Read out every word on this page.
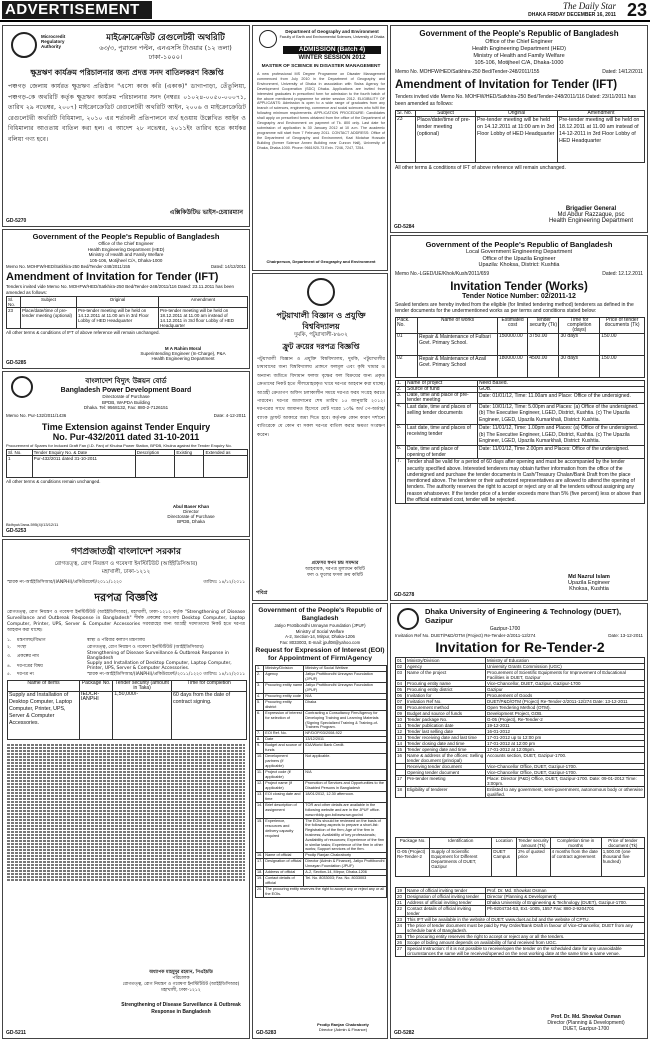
ADVERTISEMENT	The Daily Star
DHAKA FRIDAY DECEMBER 16, 2011 23
Microcredit
Regulatory
Authority
মাইক্রোক্রেডিট রেগুলেটরী অথরিটি
৬৩/৩, পুরাতন পল্টন, এনএসসি টাওয়ার (১২ তলা)
ঢাকা-১০০০।
ক্ষুদ্রঋণ কার্যক্রম পরিচালনার জন্য প্রদত্ত সনদ বাতিলকরণ বিজ্ঞপ্তি
পঞ্চগড় জেলায় কার্যরত ক্ষুদ্রঋণ প্রতিষ্ঠান "এসো কাজ করি (একাক)" ডাগাপাড়া, তেঁতুলিয়া, পঞ্চগড়-কে অথরিটি কর্তৃক ক্ষুদ্রঋণ কার্যক্রম পরিচালনার সনদ (নম্বরঃ ০১০২৪-০০৫০-০০০৭১, তারিখ ২৯ নভেম্বর, ২০০৭) মাইক্রোক্রেডিট রেগুলেটরী অথরিটি আইন, ২০০৬ ও মাইক্রোক্রেডিট রেগুলেটরী অথরিটি বিধিমালা, ২০১০ এর শর্তাবলী প্রতিপালনে ব্যর্থ হওয়ায় উল্লেখিত আইন ও বিধিমালার আওতায় বাতিল করা হল। এ আদেশ ২৮ নভেম্বর, ২০১১ইং তারিখ হতে কার্যকর বলিয়া গণ্য হবে।
এক্সিকিউটিভ ভাইস-চেয়ারম্যান
GD-5270
Department of Geography and Environment
Faculty of Earth and Environmental Sciences, University of Dhaka
ADMISSION (Batch 4)
WINTER SESSION 2012
MASTER OF SCIENCE IN DISASTER MANAGEMENT
A new professional MS Degree Programme on Disaster Management commenced from July 2010 in the Department of Geography and Environment, University of Dhaka in association with Swiss Agency for Development Cooperation (SDC) Dhaka. Applications are invited from interested graduates in prescribed form for admission to the fourth batch of the above mentioned programme for winter session 2012. ELIGIBILITY OF APPLICANTS: Admission is open to a wide range of graduates from any branch of sciences, engineering, commerce and social sciences who fulfil the following minimum requirements. APPLICATION PROCEDURE: Candidates shall apply on prescribed forms obtained from the office of the Department of Geography and Environment on payment of Tk. 800 only. Last date for submission of application is 30 January 2012 at 10 a.m. The academic programme will start from 7 February 2011. CONTACT ADDRESS: Office of the Department of Geography and Environment, Kazi Motahar Hossain Building (former Science Annex Building near Curzon Hall), University of Dhaka, Dhaka-1000. Phone: 9661920-73 Extn. 7246, 7247, 7254.
Chairperson, Department of Geography and Environment
Government of the People's Republic of Bangladesh
Office of the Chief Engineer
Health Engineering Department (HED)
Ministry of Health and Family Welfare
105-106, Motijheel C/A, Dhaka-1000
Memo No. MOHFW/HED/Satkhira-250 Bed/Tender-248/2011/155	Dated: 14/12/2011
Amendment of Invitation for Tender (IFT)
Tenders invited vide Memo No. MOHFW/HED/Satkhira-250 Bed/Tender-248/2011/116 Dated: 23/11/2011 has been amended as follows:
Sl. No.	Subject	Original	Amendment
23	Place/date/time of pre-tender meeting (optional)	Pre-tender meeting will be held on 14.12.2011 at 11:00 am in 3rd Floor Lobby of HED Headquarter	Pre-tender meeting will be held on 18.12.2011 at 11.00 am instead of 14-12-2011 in 3rd Floor Lobby of HED Headquarter
All other terms & conditions of IFT of above reference will remain unchanged.
Brigadier General
Md Abdur Razzaque, psc
Health Engineering Department
GD-5284
Government of the People's Republic of Bangladesh
Office of the Chief Engineer
Health Engineering Department (HED)
Ministry of Health and Family Welfare
105-106, Motijheel C/A, Dhaka-1000
Memo No. MOHFW/HED/Satkhira-250 Bed/Tender-248/2011/155	Dated: 14/12/2011
Amendment of Invitation for Tender (IFT)
Tenders invited vide Memo No. MOHFW/HED/Satkhira-250 Bed/Tender-248/2011/116 Dated: 23.11.2011 has been amended as follows:
Sl. No.	Subject	Original	Amendment
23	Place/date/time of pre-tender meeting (optional)	Pre-tender meeting will be held on 14.12.2011 at 11.00 am in 3rd Floor Lobby of HED Headquarter	Pre-tender meeting will be held on 18.12.2011 at 11.00 am instead of 14.12.2011 in 3rd floor Lobby of HED Headquarter
All other terms & conditions of IFT of above reference will remain unchanged.
M A Rahim Moral
Superintending Engineer (In-Charge), P&A
Health Engineering Department
GD-5285
বাংলাদেশ বিদ্যুৎ উন্নয়ন বোর্ড
Bangladesh Power Development Board
Directorate of Purchase
BPDB, WAPDA Building
Dhaka. Tel: 9568132, Fax: 880-2-7126151
Memo No. Pur-132/2011/1436	Date: 4-12-2011
Time Extension against Tender Enquiry
No. Pur-432/2011 dated 31-10-2011
Procurement of Spares for Induced Draft Fan (I.D. Fan) of Khulna Power Station, BPDB, Khulna against the Tender Enquiry No.
Sl. No.	Tender Enquiry No. & Date	Description	Existing	Extended as
1	Pur-432/2011 dated 31-10-2011			
All other terms & conditions remain unchanged.
Abul Baser Khan
Director
Directorate of Purchase
BPDB, Dhaka
Bidhyut/Jana-595(4)/13/12/11
GD-5253
পটুয়াখালী বিজ্ঞান ও প্রযুক্তি
বিশ্ববিদ্যালয়
দুমকি, পটুয়াখালী-৮৬০২
ফ্রুট ক্রয়ের দরপত্র বিজ্ঞপ্তি
পটুয়াখালী বিজ্ঞান ও প্রযুক্তি বিশ্ববিদ্যালয়, দুমকি, পটুয়াখালীর চাষাবাদের জন্য বিশ্ববিদ্যালয় প্রাঙ্গণে ফলমূল এবং কৃষি খামার ও অন্যান্য জমিতে বিদ্যমান ফলজ বৃক্ষের ফল বিক্রয়ের জন্য প্রকৃত ক্রেতাদের নিকট হতে সীলমোহরকৃত খামে দরপত্র আহবান করা যাচ্ছে। আগ্রহী ক্রেতাগণ অফিস চলাকালীন সময়ে দরপত্র ফরম সংগ্রহ করতে পারবেন। দরপত্র জমাদানের শেষ তারিখ ১৫ জানুয়ারি ২০১২। দরপত্রের সাথে জামানত হিসেবে মোট দরের ১০% অর্থ পে-অর্ডার/ব্যাংক ড্রাফট আকারে জমা দিতে হবে। কর্তৃপক্ষ কোন কারণ দর্শানো ব্যতিরেকে যে কোন বা সকল দরপত্র বাতিল করার ক্ষমতা সংরক্ষণ করেন।
প্রফেসর স্বপন চন্দ্র সমদ্দার
আহবায়ক, দরপত্র মূল্যায়ন কমিটি
ফল ও ফুলের ফসল ক্রয় কমিটি
পবিপ্র
Government of the People's Republic of Bangladesh
Local Government Engineering Department
Office of the Upazila Engineer
Upazila: Khoksa, District: Kushtia
Memo No.-LGED/UE/Khok/Kush/2011/659	Dated: 12.12.2011
Invitation Tender (Works)
Tender Notice Number: 02/2011-12
Sealed tenders are hereby invited from the eligible (for limited tendering method) tenderers as defined in the tender documents for the undermentioned works as per terms and conditions stated below:
Pack. No.	Name of works	Estimated cost	Tender security (Tk)	Time for completion (days)	Price of tender documents (Tk)
01	Repair & Maintenance of Fulbari Govt. Primary School.	150000.00	3750.00	30 days	150.00
02	Repair & Maintenance of Azail Govt. Primary School	180000.00	4500.00	30 days	150.00
1.	Name of project	Need Based.
2.	Source of fund	GOB.
3.	Date, time and place of pre-tender meeting	Date: 01/01/12, Time: 11.00am and Place: Office of the undersigned.
4.	Last date, time and places of selling tender documents	Date: 10/01/12, Time: 5.00pm and Places: (a) Office of the undersigned. (b) The Executive Engineer, LGED, District, Kushtia. (c) The Upazila Engineer, LGED, Upazila Kumarkhali, District: Kushtia.
5.	Last date, time and places of receiving tender	Date: 11/01/12, Time: 1.00pm and Places: (a) Office of the undersigned. (b) The Executive Engineer, LGED, District, Kushtia. (c) The Upazila Engineer, LGED, Upazila Kumarkhali, District: Kushtia.
6.	Date, time and place of opening of tender	Date: 11/01/12, Time 2.00pm and Places: Office of the undersigned.
7.	Tender shall be valid for a period of 60 days after opening and must be accompanied by the tender security specified above. Interested tenderers may obtain further information from the office of the undersigned and purchase the tender documents in Cash/Treasury Chalan/Bank Draft from the place mentioned above. The tenderer or their authorized representatives are allowed to attend the opening of tenders. The authority reserves the right to accept or reject any or all the tenders without assigning any reason whatsoever. If the tender price of a tender exceeds more than 5% (five percent) less or above than the official estimated cost, tender will be rejected.	
Md Nazrul Islam
Upazila Engineer
Khoksa, Kushtia
GD-5278
গণপ্রজাতন্ত্রী বাংলাদেশ সরকার
রোগতত্ত্ব, রোগ নিয়ন্ত্রণ ও গবেষণা ইনস্টিটিউট (আইইডিসিআর)
মহাখালী, ঢাকা-১২১২
স্মারক নং-আইইডিসিআর/(IANPHI)/প্রকিউরমেন্ট/২০১১/১২২০	তারিখঃ ১৪/১২/২০১১
দরপত্র বিজ্ঞপ্তি
রোগতত্ত্ব, রোগ নিয়ন্ত্রণ ও গবেষণা ইনস্টিটিউট (আইইডিসিআর), মহাখালী, ঢাকা-১২১২ কর্তৃক "Strengthening of Disease Surveillance and Outbreak Response in Bangladesh" শীর্ষক প্রকল্পের আওতায় Desktop Computer, Laptop Computer, Printer, UPS, Server & Computer Accessories সরবরাহের জন্য আগ্রহী দরদাতাদের নিকট হতে দরপত্র আহবান করা যাচ্ছে।
১.	মন্ত্রণালয়/বিভাগ	স্বাস্থ্য ও পরিবার কল্যাণ মন্ত্রণালয়
২.	সংস্থা	রোগতত্ত্ব, রোগ নিয়ন্ত্রণ ও গবেষণা ইনস্টিটিউট (আইইডিসিআর)
৩.	প্রকল্পের নাম	Strengthening of Disease Surveillance & Outbreak Response in Bangladesh
৪.	দরপত্রের বিষয়	Supply and Installation of Desktop Computer, Laptop Computer, Printer, UPS, Server & Computer Accessories.
৫.	দরপত্র নং	স্মারক নং-আইইডিসিআর/(IANPHI)/প্রকিউরমেন্ট/২০১১/১২২০ তারিখঃ ১৪/১২/২০১১
Name of items	Package No.	Tender security (amount in Taka)	Time for completion
Supply and Installation of Desktop Computer, Laptop Computer, Printer, UPS, Server & Computer Accessories.	IEDCR-IANPHI	1,50,000/-	60 days from the date of contract signing.
অধ্যাপক মাহমুদুর রহমান, পিএইচডি
পরিচালক
রোগতত্ত্ব, রোগ নিয়ন্ত্রণ ও গবেষণা ইনস্টিটিউট (আইইডিসিআর)
মহাখালী, ঢাকা-১২১২
Strengthening of Disease Surveillance & Outbreak Response in Bangladesh
GD-5211
Government of the People's Republic of Bangladesh
Jatiyo Prottibondhi Unnayan Foundation (JPUF)
Ministry of Social Welfare
A-2, Section-14, Mirpur, Dhaka-1206
Fax: 8033003, E-mail: jpuf08@yahoo.com
Request for Expression of Interest (EOI) for Appointment of Firm/Agency
1.	Ministry/Division	Ministry of Social Welfare
2.	Agency	Jatiyo Prottibondhi Unnayan Foundation (JPUF)
3.	Procuring entity name	Jatiyo Prottibondhi Unnayan Foundation (JPUF)
4.	Procuring entity code	N/A
5.	Procuring entity district	Dhaka
6.	Expression of interest for selection of	Contracting a Consultancy Firm/Agency for Developing Training and Learning Materials (Signing Specialized Training & Training-of-Trainers Program.
7.	EOI Ref. No.	NF/DOP/03/2008-922
8.	Date	13/12/2011
9.	Budget and source of funds	IDA/World Bank Credit.
10.	Development partners (if applicable)	Not applicable.
11.	Project code (if applicable)	N/A
12.	Project name (if applicable)	Promotion of Services and Opportunities to the Disabled Persons in Bangladesh
13.	EOI closing date and time	18/01/2012, 12.30 afternoon.
14.	Brief description of assignment	TOR and other details are available in the following website and are in the JPUF office. www.nfddp.gov.bd/www.sw.gov.bd
15.	Experience, resources and delivery capacity required	The EOIs should be reviewed on the basis of the following aspects to prepare a short-list: Registration of the firm; Age of the firm in business; Availability of key professionals; Availability of resources; Experience of the firm in similar tasks; Experience of the firm in other works; Support services of the firm.
16.	Name of official	Prodip Ranjan Chakraborty
17.	Designation of official	Director (Admin & Finance), Jatiyo Prottibondhi Unnayan Foundation (JPUF)
18.	Address of official	A-2, Section-14, Mirpur, Dhaka-1206
19.	Contact details of official	Tel. No. 8033003; Fax. No. 8033003
20.	The procuring entity reserves the right to accept any or reject any or all the EOIs.	
Prodip Ranjan Chakraborty
Director (Admin & Finance)
GD-5283
Dhaka University of Engineering & Technology (DUET), Gazipur
Gazipur-1700
Invitation Ref No. DUET/P&D/OTM (Project) Re-Tender-2/2011-12/274	Date: 13-12-2011
Invitation for Re-Tender-2
01	Ministry/Division	Ministry of Education
02	Agency	University Grants Commission (UGC)
03	Name of the project	Procurement of Scientific Equipments for Improvement of Educational Facilities in DUET, Gazipur
04	Procuring entity name	Vice-Chancellor, DUET, Gazipur, Gazipur-1700
05	Procuring entity district	Gazipur
06	Invitation for	Procurement of Goods
07	Invitation Ref No.	DUET/P&D/OTM (Project) Re-Tender-2/2011-12/274 Date: 13-12-2011
08	Procurement method	Open Tendering Method (OTM).
09	Budget and source of funds	Development Project, GOB.
10	Tender package No.	G-05 (Project), Re-Tender-2
11	Tender publication date	19-12-2011
12	Tender last selling date	16-01-2012
13	Tender receiving date and last time	17-01-2012 up to 12:00 pm
14	Tender closing date and time	17-01-2012 at 12:00 pm
15	Tender opening date and time	17-01-2012 at 12:05pm.
16	Name & address of the offices: Selling tender document (principal)	Accounts section, DUET, Gazipur-1700.
	Receiving tender document	Vice-Chancellor Office, DUET, Gazipur-1700.
	Opening tender document	Vice-Chancellor Office, DUET, Gazipur-1700.
17	Pre-tender meeting	Place: Director (P&D) Office, DUET, Gazipur-1700. Date: 09-01-2012 Time: 3:00pm.
18	Eligibility of tenderer	Enlisted to any government, semi-government, autonomous body or otherwise qualified.
Package No.	Identification	Location	Tender security amount (Tk)	Completion time in months	Price of tender document (Tk)
G-05 (Project) Re-Tender-2	Supply of Scientific Equipment for Different Departments of DUET, Gazipur	DUET Campus	2% of quoted price	4 months from the date of contract agreement	1,500.00 (one thousand five hundred)
19	Name of official inviting tender	Prof. Dr. Md. Showkat Osman
20	Designation of official inviting tender	Director (Planning & Development)
21	Address of official inviting tender	Dhaka University of Engineering & Technology (DUET), Gazipur-1700.
22	Contact details of official inviting tender	Ph-9204734-53, Ext.-1005, 1557 Fax: 880-2-9204701
23	This IFT will be available in the website of DUET: www.duet.ac.bd and the website of CPTU.	
24	The price of tender document must be paid by Pay Order/Bank Draft in favour of Vice-Chancellor, DUET from any schedule bank of Bangladesh.	
25	The procuring entity reserves the right to accept or reject any or all the tenders.	
26	Scope of biding amount depends on availability of fund received from UGC.	
27	Special Instruction: If it is not possible to receive/open the tender on the scheduled date for any unavoidable circumstances the same will be received/opened on the next working date at the same time & same venue.	
Prof. Dr. Md. Showkat Osman
Director (Planning & Development)
DUET, Gazipur-1700
GD-5282
